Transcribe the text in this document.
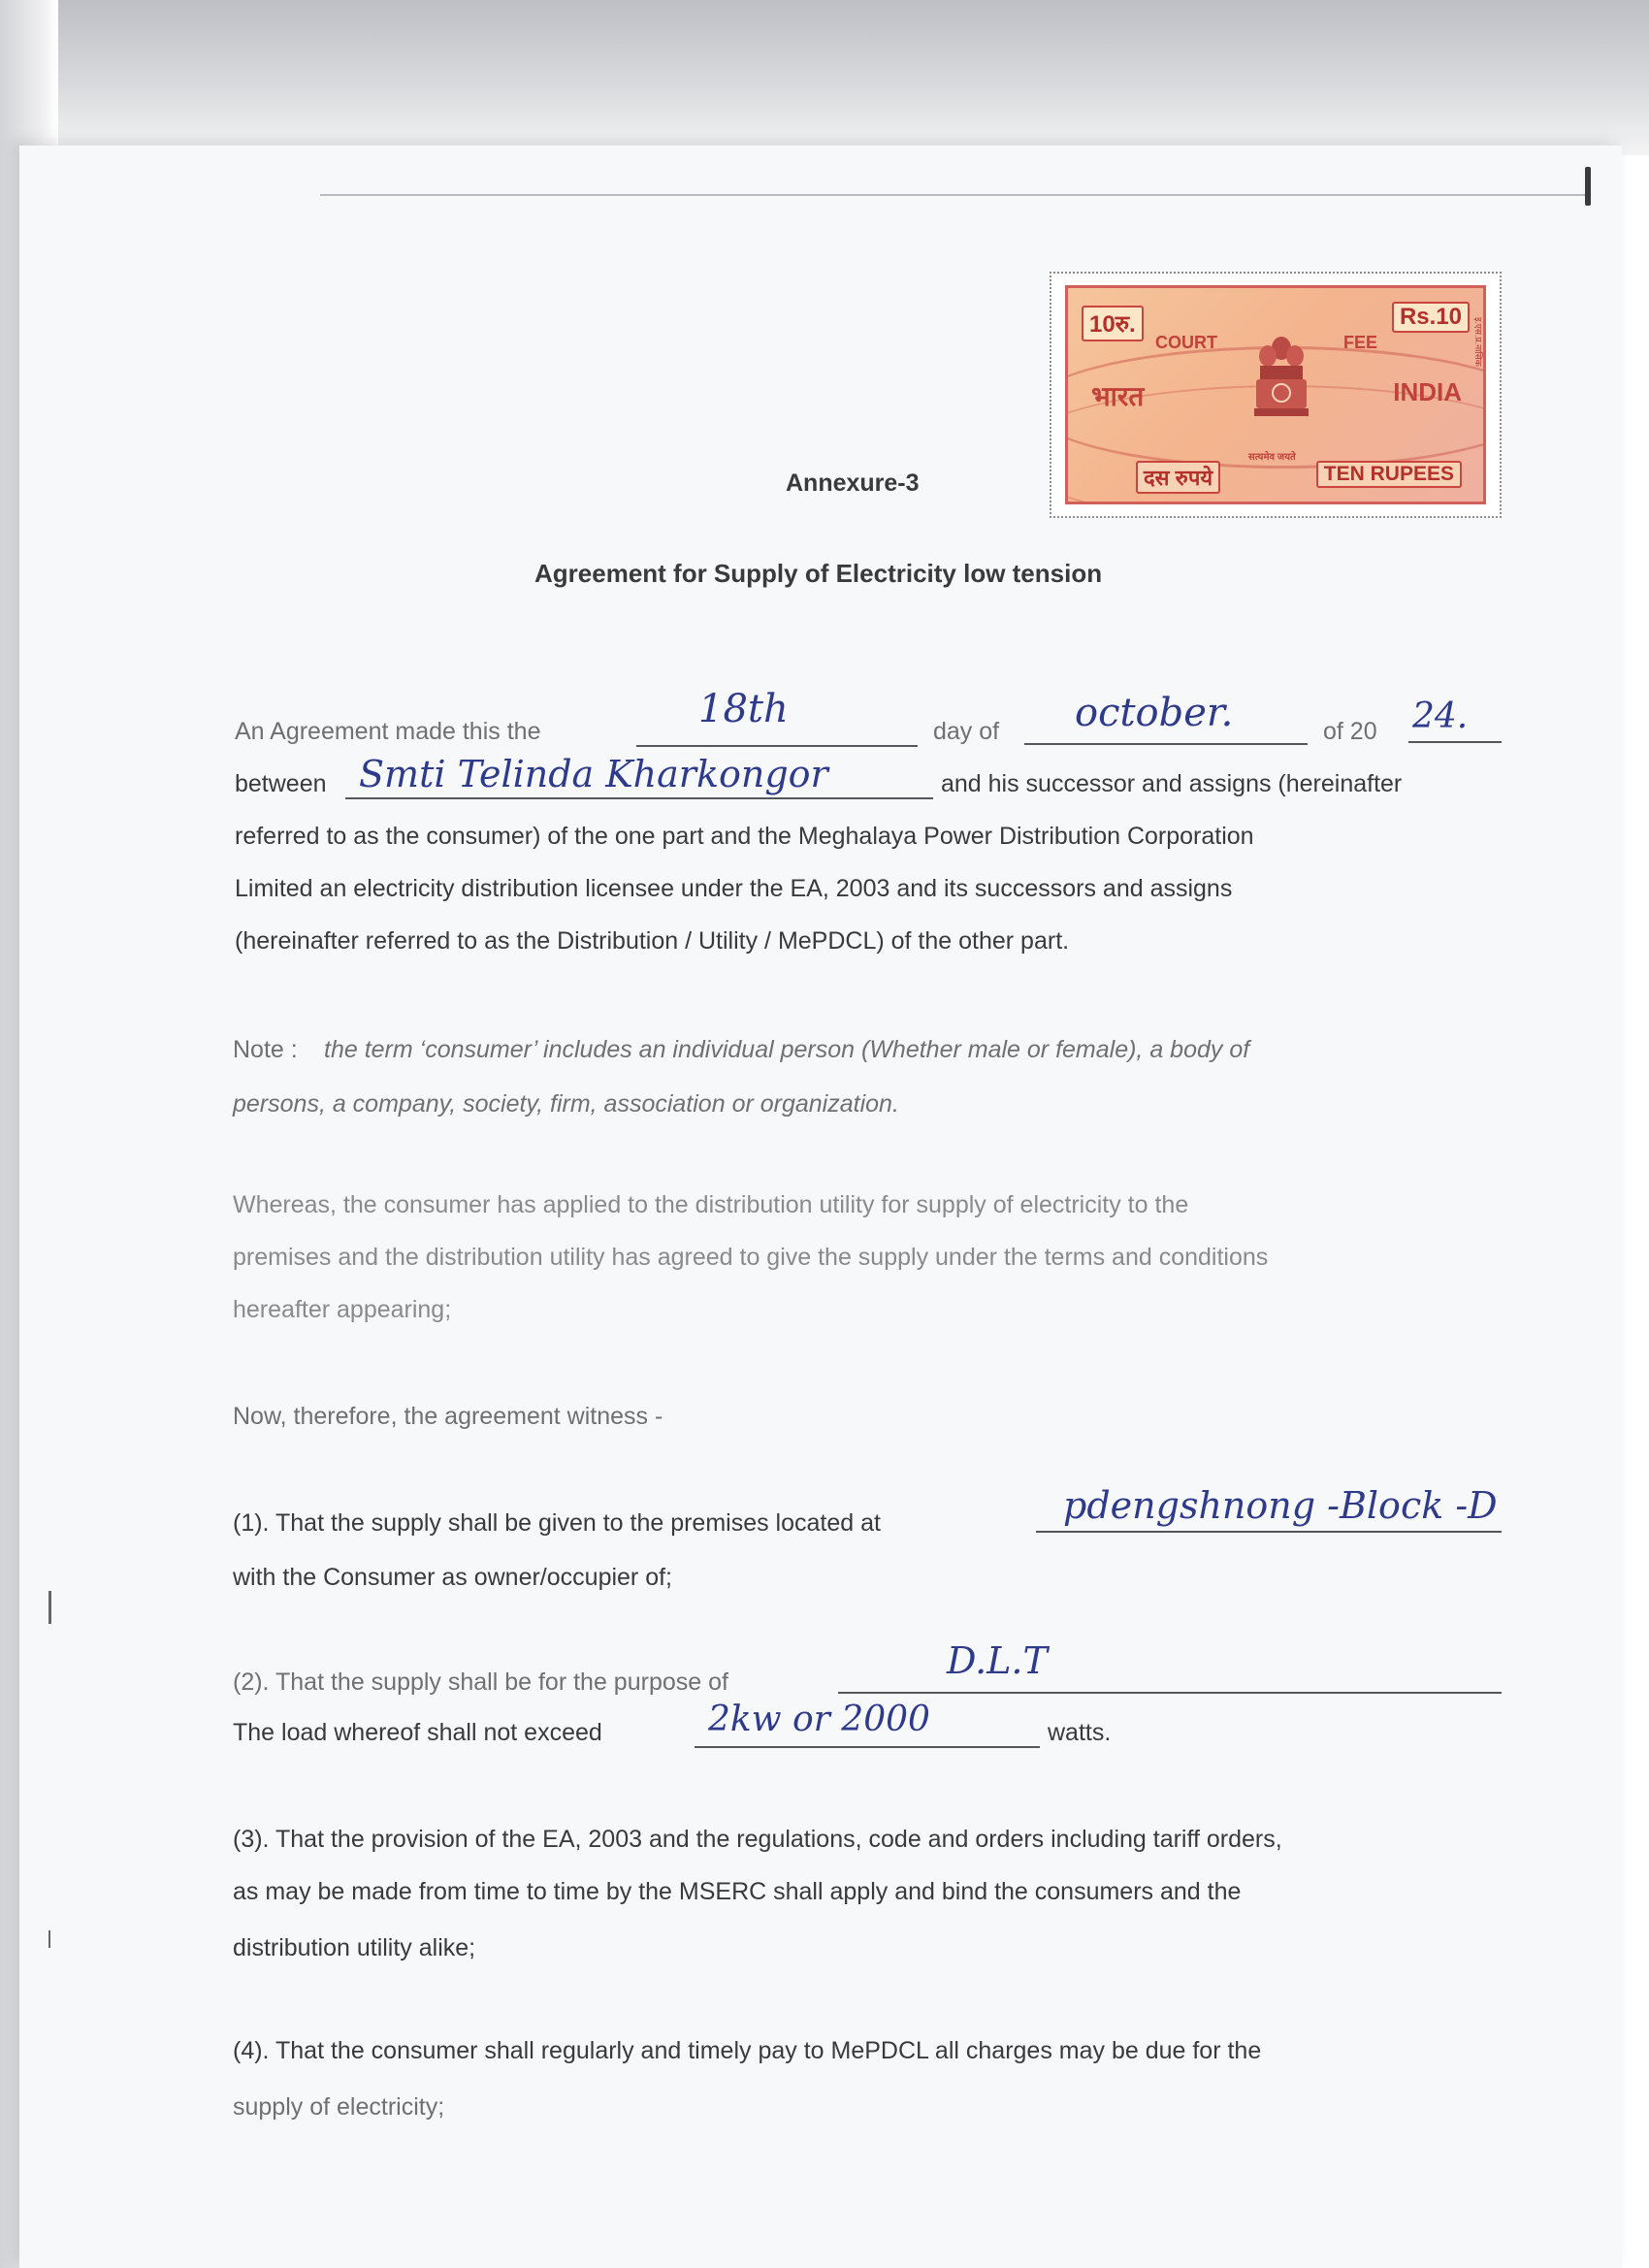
10रु.	Rs.10
COURT	FEE
भारत	INDIA
सत्यमेव जयते
दस रुपये	TEN RUPEES
इ.एस.प्र.नासिक
Annexure-3
Agreement for Supply of Electricity low tension
An Agreement made this the	18th	day of october.	of 20 24.
between Smti Telinda Kharkongor	and his successor and assigns (hereinafter
referred to as the consumer) of the one part and the Meghalaya Power Distribution Corporation
Limited an electricity distribution licensee under the EA, 2003 and its successors and assigns
(hereinafter referred to as the Distribution / Utility / MePDCL) of the other part.
Note : the term ‘consumer’ includes an individual person (Whether male or female), a body of
persons, a company, society, firm, association or organization.
Whereas, the consumer has applied to the distribution utility for supply of electricity to the
premises and the distribution utility has agreed to give the supply under the terms and conditions
hereafter appearing;
Now, therefore, the agreement witness -
(1). That the supply shall be given to the premises located at	pdengshnong -Block -D
with the Consumer as owner/occupier of;
(2). That the supply shall be for the purpose of	D.L.T
The load whereof shall not exceed	2kw or 2000	watts.
(3). That the provision of the EA, 2003 and the regulations, code and orders including tariff orders,
as may be made from time to time by the MSERC shall apply and bind the consumers and the
distribution utility alike;
(4). That the consumer shall regularly and timely pay to MePDCL all charges may be due for the
supply of electricity;
